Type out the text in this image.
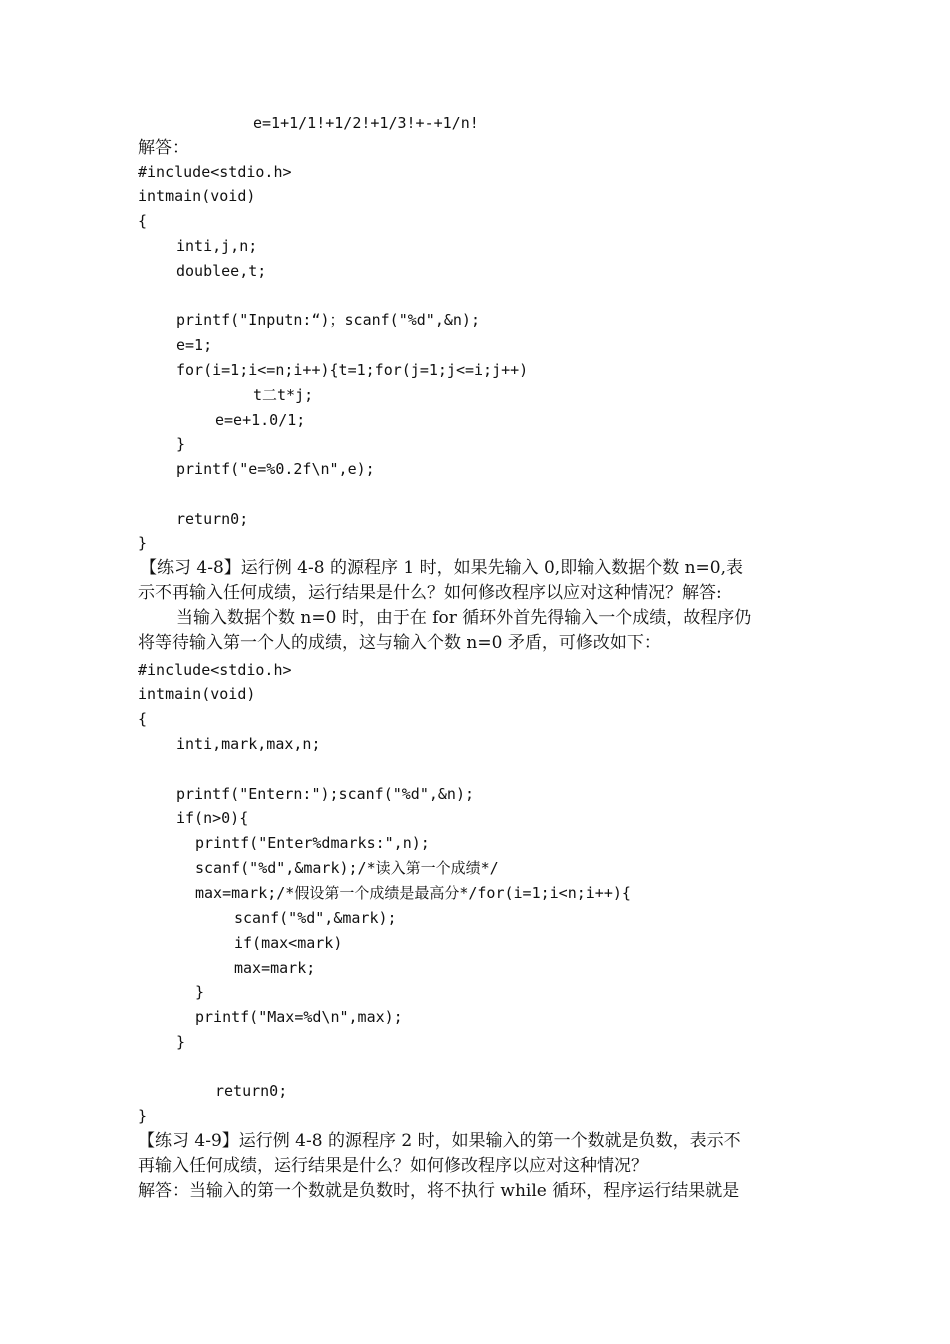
e=1+1/1!+1/2!+1/3!+-+1/n!
解答：
#include<stdio.h>
intmain(void)
{
inti,j,n;
doublee,t;
printf("Inputn:“)；scanf("%d",&n);
e=1;
for(i=1;i<=n;i++){t=1;for(j=1;j<=i;j++)
t二t*j;
e=e+1.0/1;
}
printf("e=%0.2f\n",e);
return0;
}
【练习 4-8】运行例 4-8 的源程序 1 时，如果先输入 0,即输入数据个数 n=0,表
示不再输入任何成绩，运行结果是什么？如何修改程序以应对这种情况？解答:
当输入数据个数 n=0 时，由于在 for 循环外首先得输入一个成绩，故程序仍
将等待输入第一个人的成绩，这与输入个数 n=0 矛盾，可修改如下：
#include<stdio.h>
intmain(void)
{
inti,mark,max,n;
printf("Entern:");scanf("%d",&n);
if(n>0){
printf("Enter%dmarks:",n);
scanf("%d",&mark);/*读入第一个成绩*/
max=mark;/*假设第一个成绩是最高分*/for(i=1;i<n;i++){
scanf("%d",&mark);
if(max<mark)
max=mark;
}
printf("Max=%d\n",max);
}
return0;
}
【练习 4-9】运行例 4-8 的源程序 2 时，如果输入的第一个数就是负数，表示不
再输入任何成绩，运行结果是什么？如何修改程序以应对这种情况？
解答：当输入的第一个数就是负数时，将不执行 while 循环，程序运行结果就是
